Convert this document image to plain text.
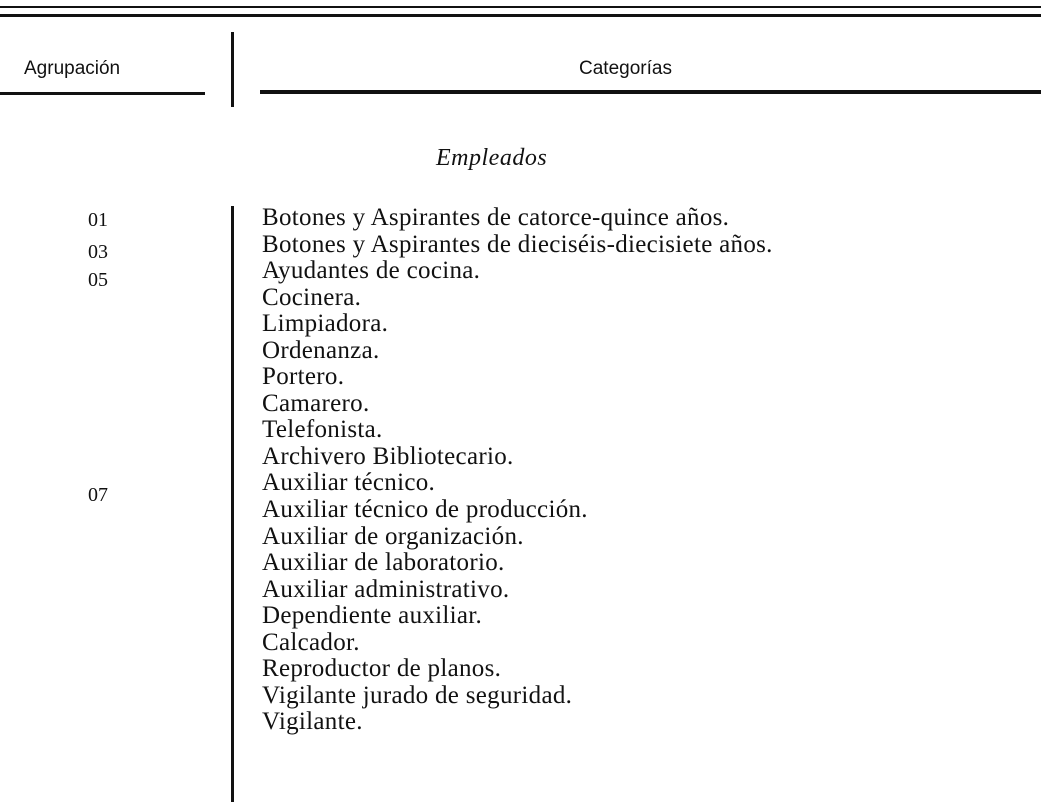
Agrupación	Categorías
Empleados
01
03
05
07
Botones y Aspirantes de catorce-quince años.
Botones y Aspirantes de dieciséis-diecisiete años.
Ayudantes de cocina.
Cocinera.
Limpiadora.
Ordenanza.
Portero.
Camarero.
Telefonista.
Archivero Bibliotecario.
Auxiliar técnico.
Auxiliar técnico de producción.
Auxiliar de organización.
Auxiliar de laboratorio.
Auxiliar administrativo.
Dependiente auxiliar.
Calcador.
Reproductor de planos.
Vigilante jurado de seguridad.
Vigilante.
